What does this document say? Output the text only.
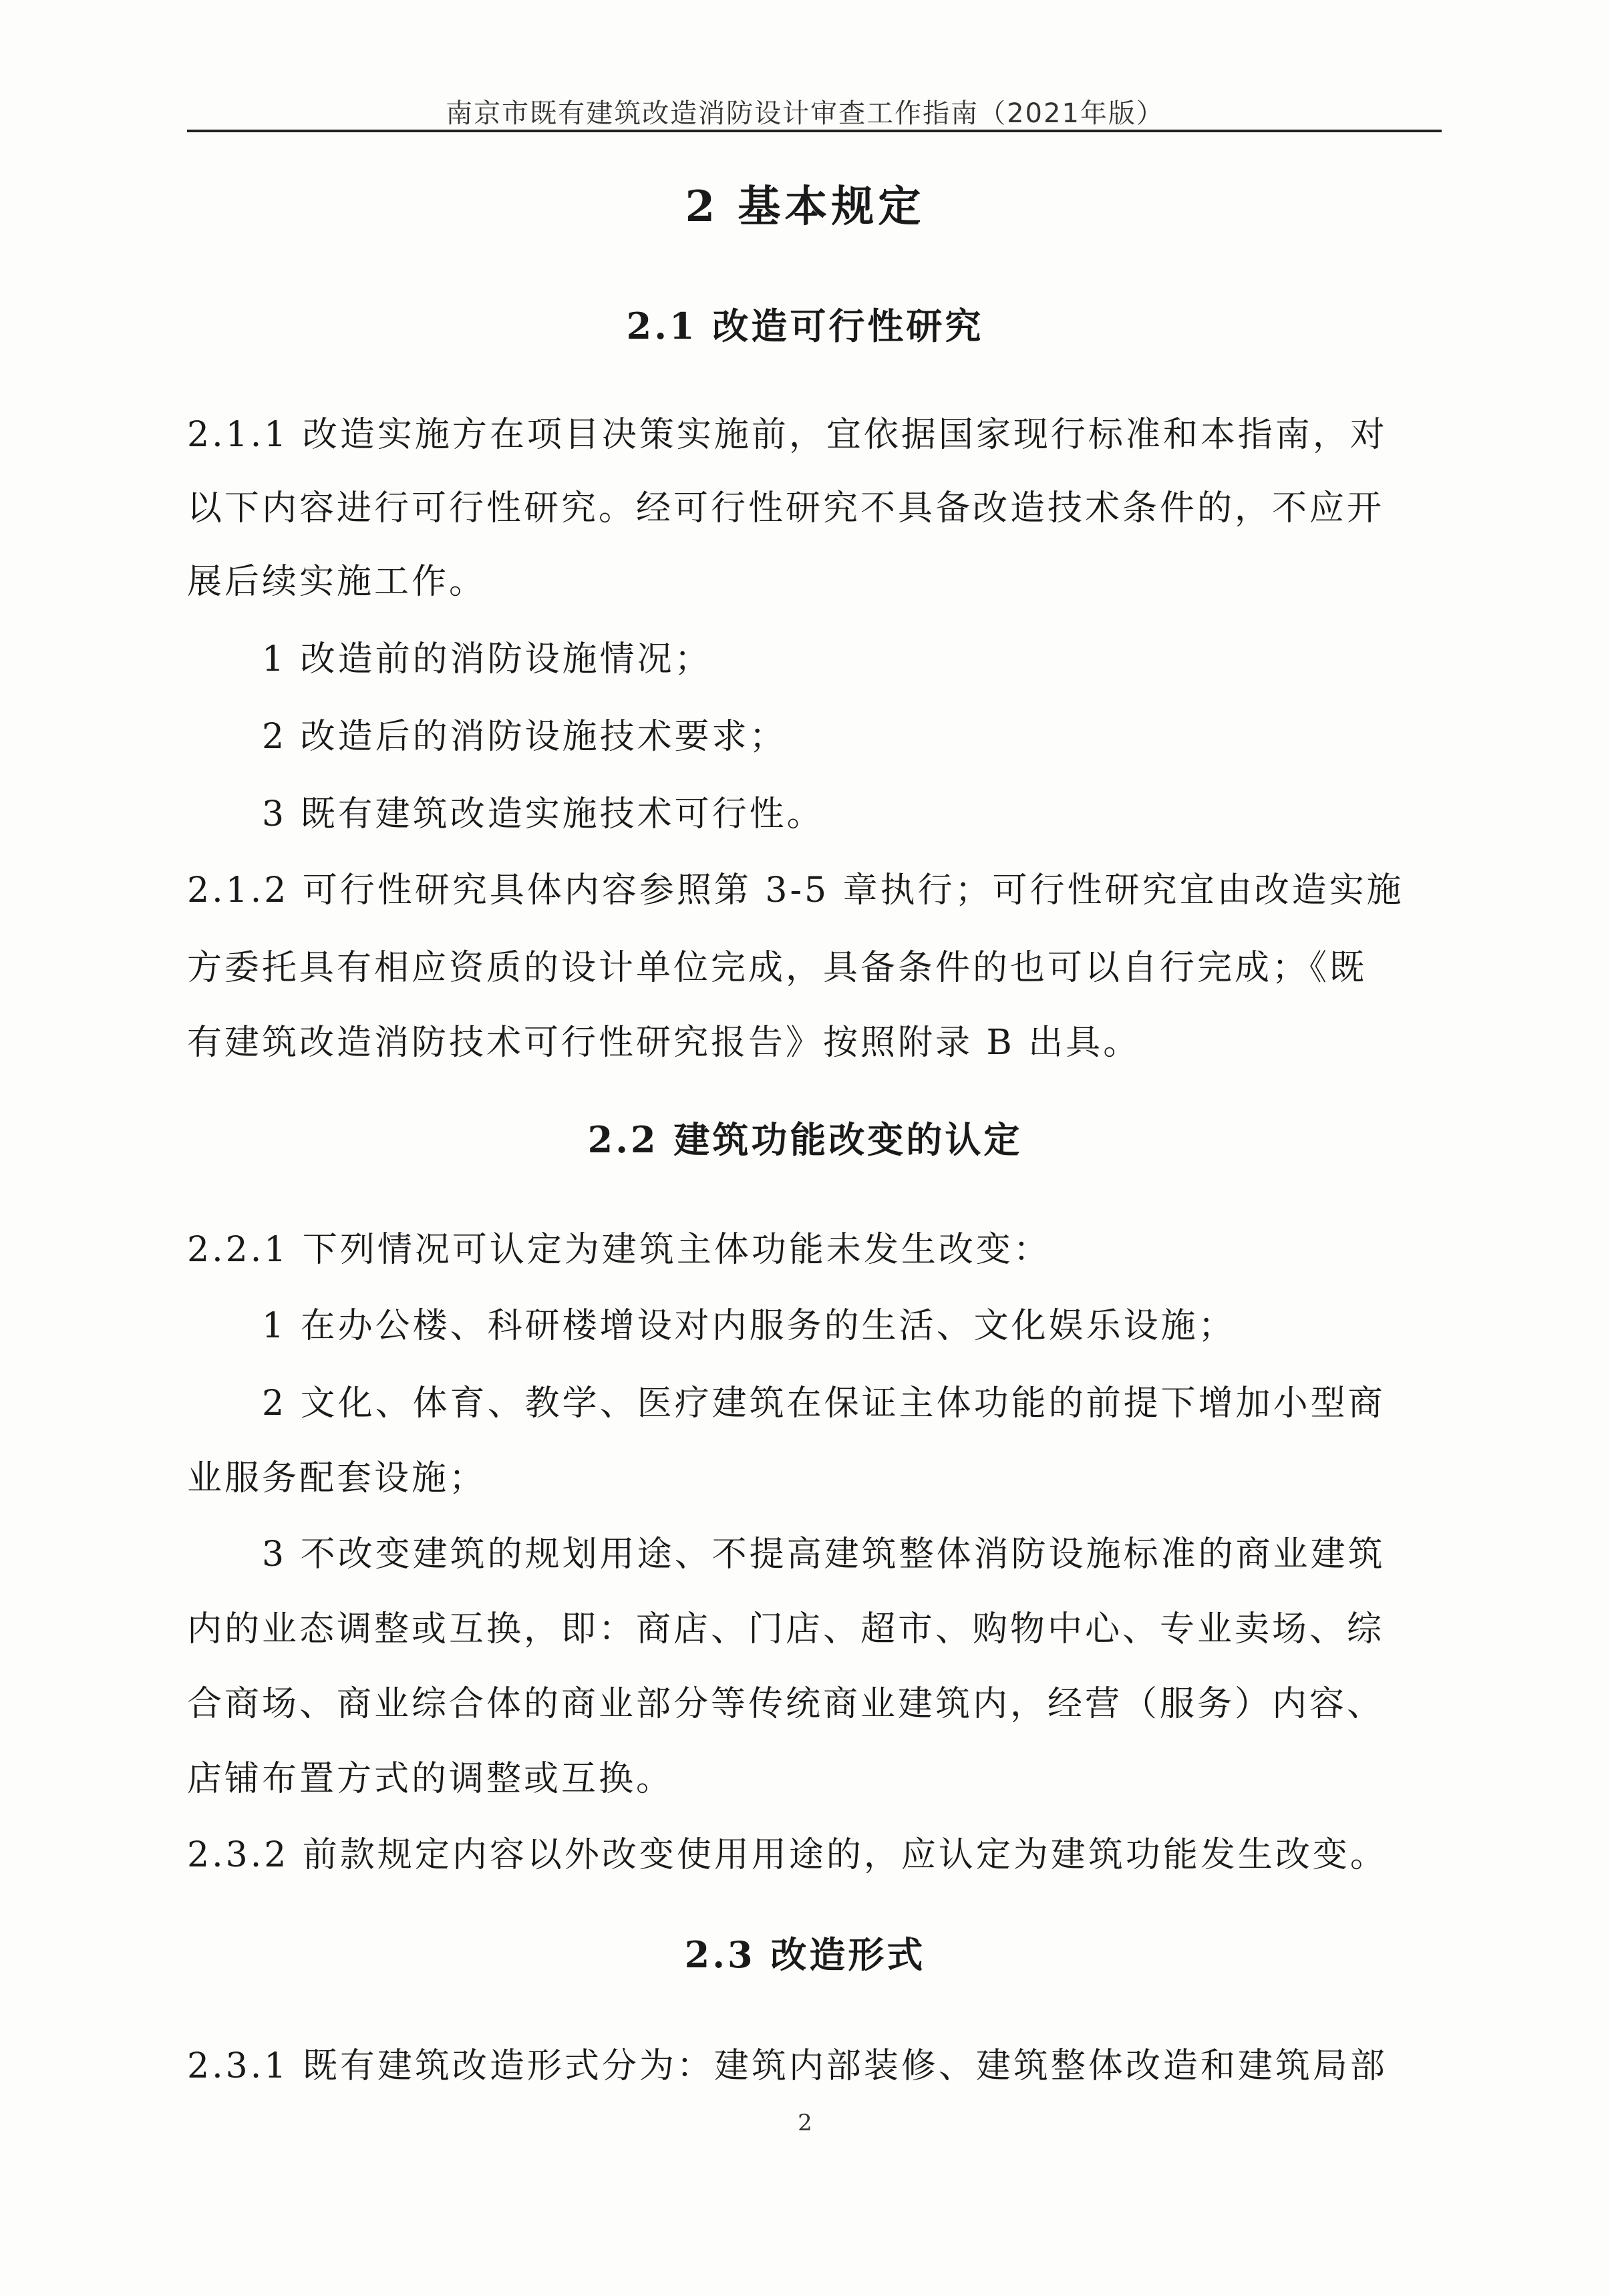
南京市既有建筑改造消防设计审查工作指南（2021年版）
2 基本规定
2.1 改造可行性研究
2.1.1 改造实施方在项目决策实施前，宜依据国家现行标准和本指南，对
以下内容进行可行性研究。经可行性研究不具备改造技术条件的，不应开
展后续实施工作。
1 改造前的消防设施情况；
2 改造后的消防设施技术要求；
3 既有建筑改造实施技术可行性。
2.1.2 可行性研究具体内容参照第 3-5 章执行；可行性研究宜由改造实施
方委托具有相应资质的设计单位完成，具备条件的也可以自行完成；《既
有建筑改造消防技术可行性研究报告》按照附录 B 出具。
2.2 建筑功能改变的认定
2.2.1 下列情况可认定为建筑主体功能未发生改变：
1 在办公楼、科研楼增设对内服务的生活、文化娱乐设施；
2 文化、体育、教学、医疗建筑在保证主体功能的前提下增加小型商
业服务配套设施；
3 不改变建筑的规划用途、不提高建筑整体消防设施标准的商业建筑
内的业态调整或互换，即：商店、门店、超市、购物中心、专业卖场、综
合商场、商业综合体的商业部分等传统商业建筑内，经营（服务）内容、
店铺布置方式的调整或互换。
2.3.2 前款规定内容以外改变使用用途的，应认定为建筑功能发生改变。
2.3 改造形式
2.3.1 既有建筑改造形式分为：建筑内部装修、建筑整体改造和建筑局部
2
